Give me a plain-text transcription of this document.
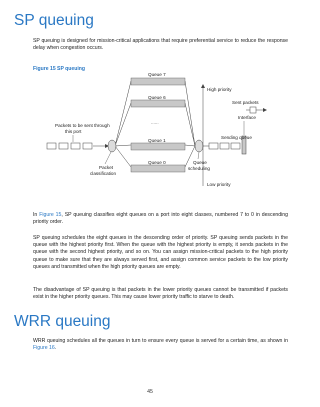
SP queuing

SP queuing is designed for mission-critical applications that require preferential service to reduce the response delay when congestion occurs.

Figure 15 SP queuing
Packets to be sent through
this port
Packet
classification
Queue 7
Queue 6
......
Queue 1
Queue 0	Queue
scheduling
High priority
Low priority
Sent packets
Interface
Sending queue

In Figure 15, SP queuing classifies eight queues on a port into eight classes, numbered 7 to 0 in descending priority order.

SP queuing schedules the eight queues in the descending order of priority. SP queuing sends packets in the queue with the highest priority first. When the queue with the highest priority is empty, it sends packets in the queue with the second highest priority, and so on. You can assign mission-critical packets to the high priority queue to make sure that they are always served first, and assign common service packets to the low priority queues and transmitted when the high priority queues are empty.

The disadvantage of SP queuing is that packets in the lower priority queues cannot be transmitted if packets exist in the higher priority queues. This may cause lower priority traffic to starve to death.

WRR queuing

WRR queuing schedules all the queues in turn to ensure every queue is served for a certain time, as shown in Figure 16.

45
